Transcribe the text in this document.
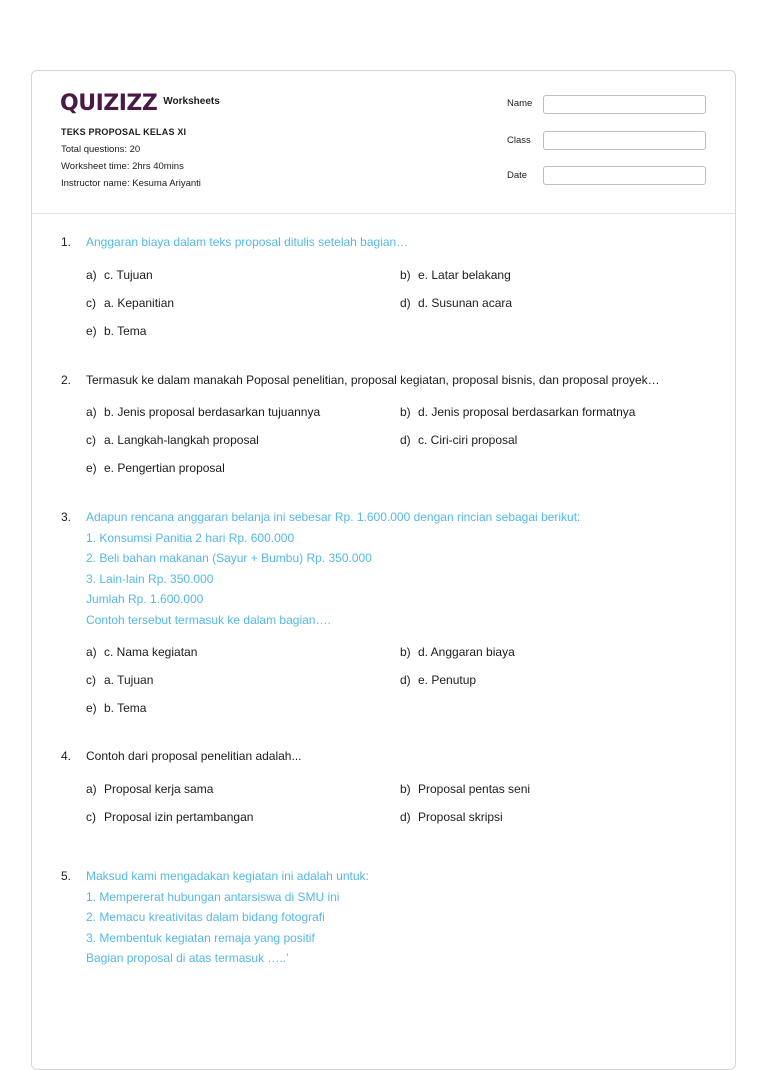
QUIZIZZ Worksheets
TEKS PROPOSAL KELAS XI
Total questions: 20
Worksheet time: 2hrs 40mins
Instructor name: Kesuma Ariyanti
Name
Class
Date
1.	Anggaran biaya dalam teks proposal ditulis setelah bagian…
a) c. Tujuan	b) e. Latar belakang
c) a. Kepanitian	d) d. Susunan acara
e) b. Tema
2.	Termasuk ke dalam manakah Poposal penelitian, proposal kegiatan, proposal bisnis, dan proposal proyek…
a) b. Jenis proposal berdasarkan tujuannya	b) d. Jenis proposal berdasarkan formatnya
c) a. Langkah-langkah proposal	d) c. Ciri-ciri proposal
e) e. Pengertian proposal
3.	Adapun rencana anggaran belanja ini sebesar Rp. 1.600.000 dengan rincian sebagai berikut:
1. Konsumsi Panitia 2 hari Rp. 600.000
2. Beli bahan makanan (Sayur + Bumbu) Rp. 350.000
3. Lain-lain Rp. 350.000
Jumlah Rp. 1.600.000
Contoh tersebut termasuk ke dalam bagian….
a) c. Nama kegiatan	b) d. Anggaran biaya
c) a. Tujuan	d) e. Penutup
e) b. Tema
4.	Contoh dari proposal penelitian adalah...
a) Proposal kerja sama	b) Proposal pentas seni
c) Proposal izin pertambangan	d) Proposal skripsi
5.	Maksud kami mengadakan kegiatan ini adalah untuk:
1. Mempererat hubungan antarsiswa di SMU ini
2. Memacu kreativitas dalam bidang fotografi
3. Membentuk kegiatan remaja yang positif
Bagian proposal di atas termasuk …..’
